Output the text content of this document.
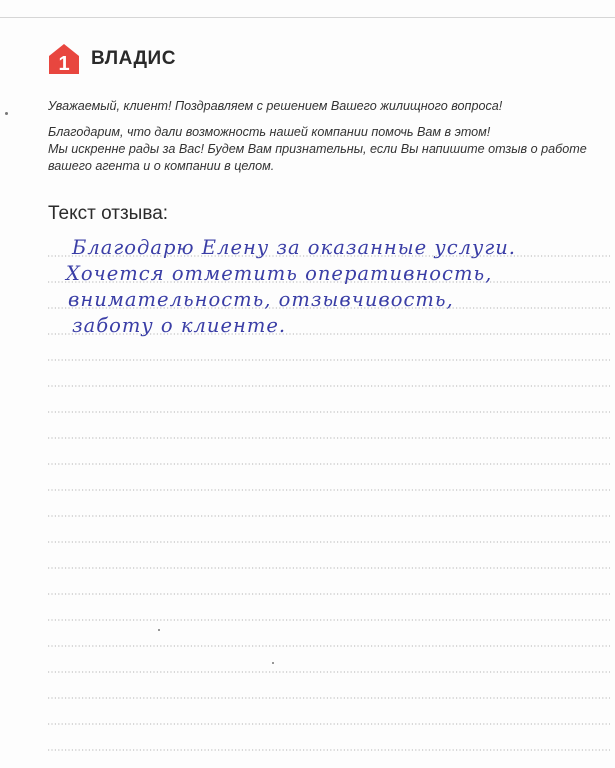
1 ВЛАДИС

Уважаемый, клиент! Поздравляем с решением Вашего жилищного вопроса!

Благодарим, что дали возможность нашей компании помочь Вам в этом!
Мы искренне рады за Вас! Будем Вам признательны, если Вы напишите отзыв о работе
вашего агента и о компании в целом.

Текст отзыва:
Благодарю Елену за оказанные услуги.
Хочется отметить оперативность,
внимательность, отзывчивость,
заботу о клиенте.
